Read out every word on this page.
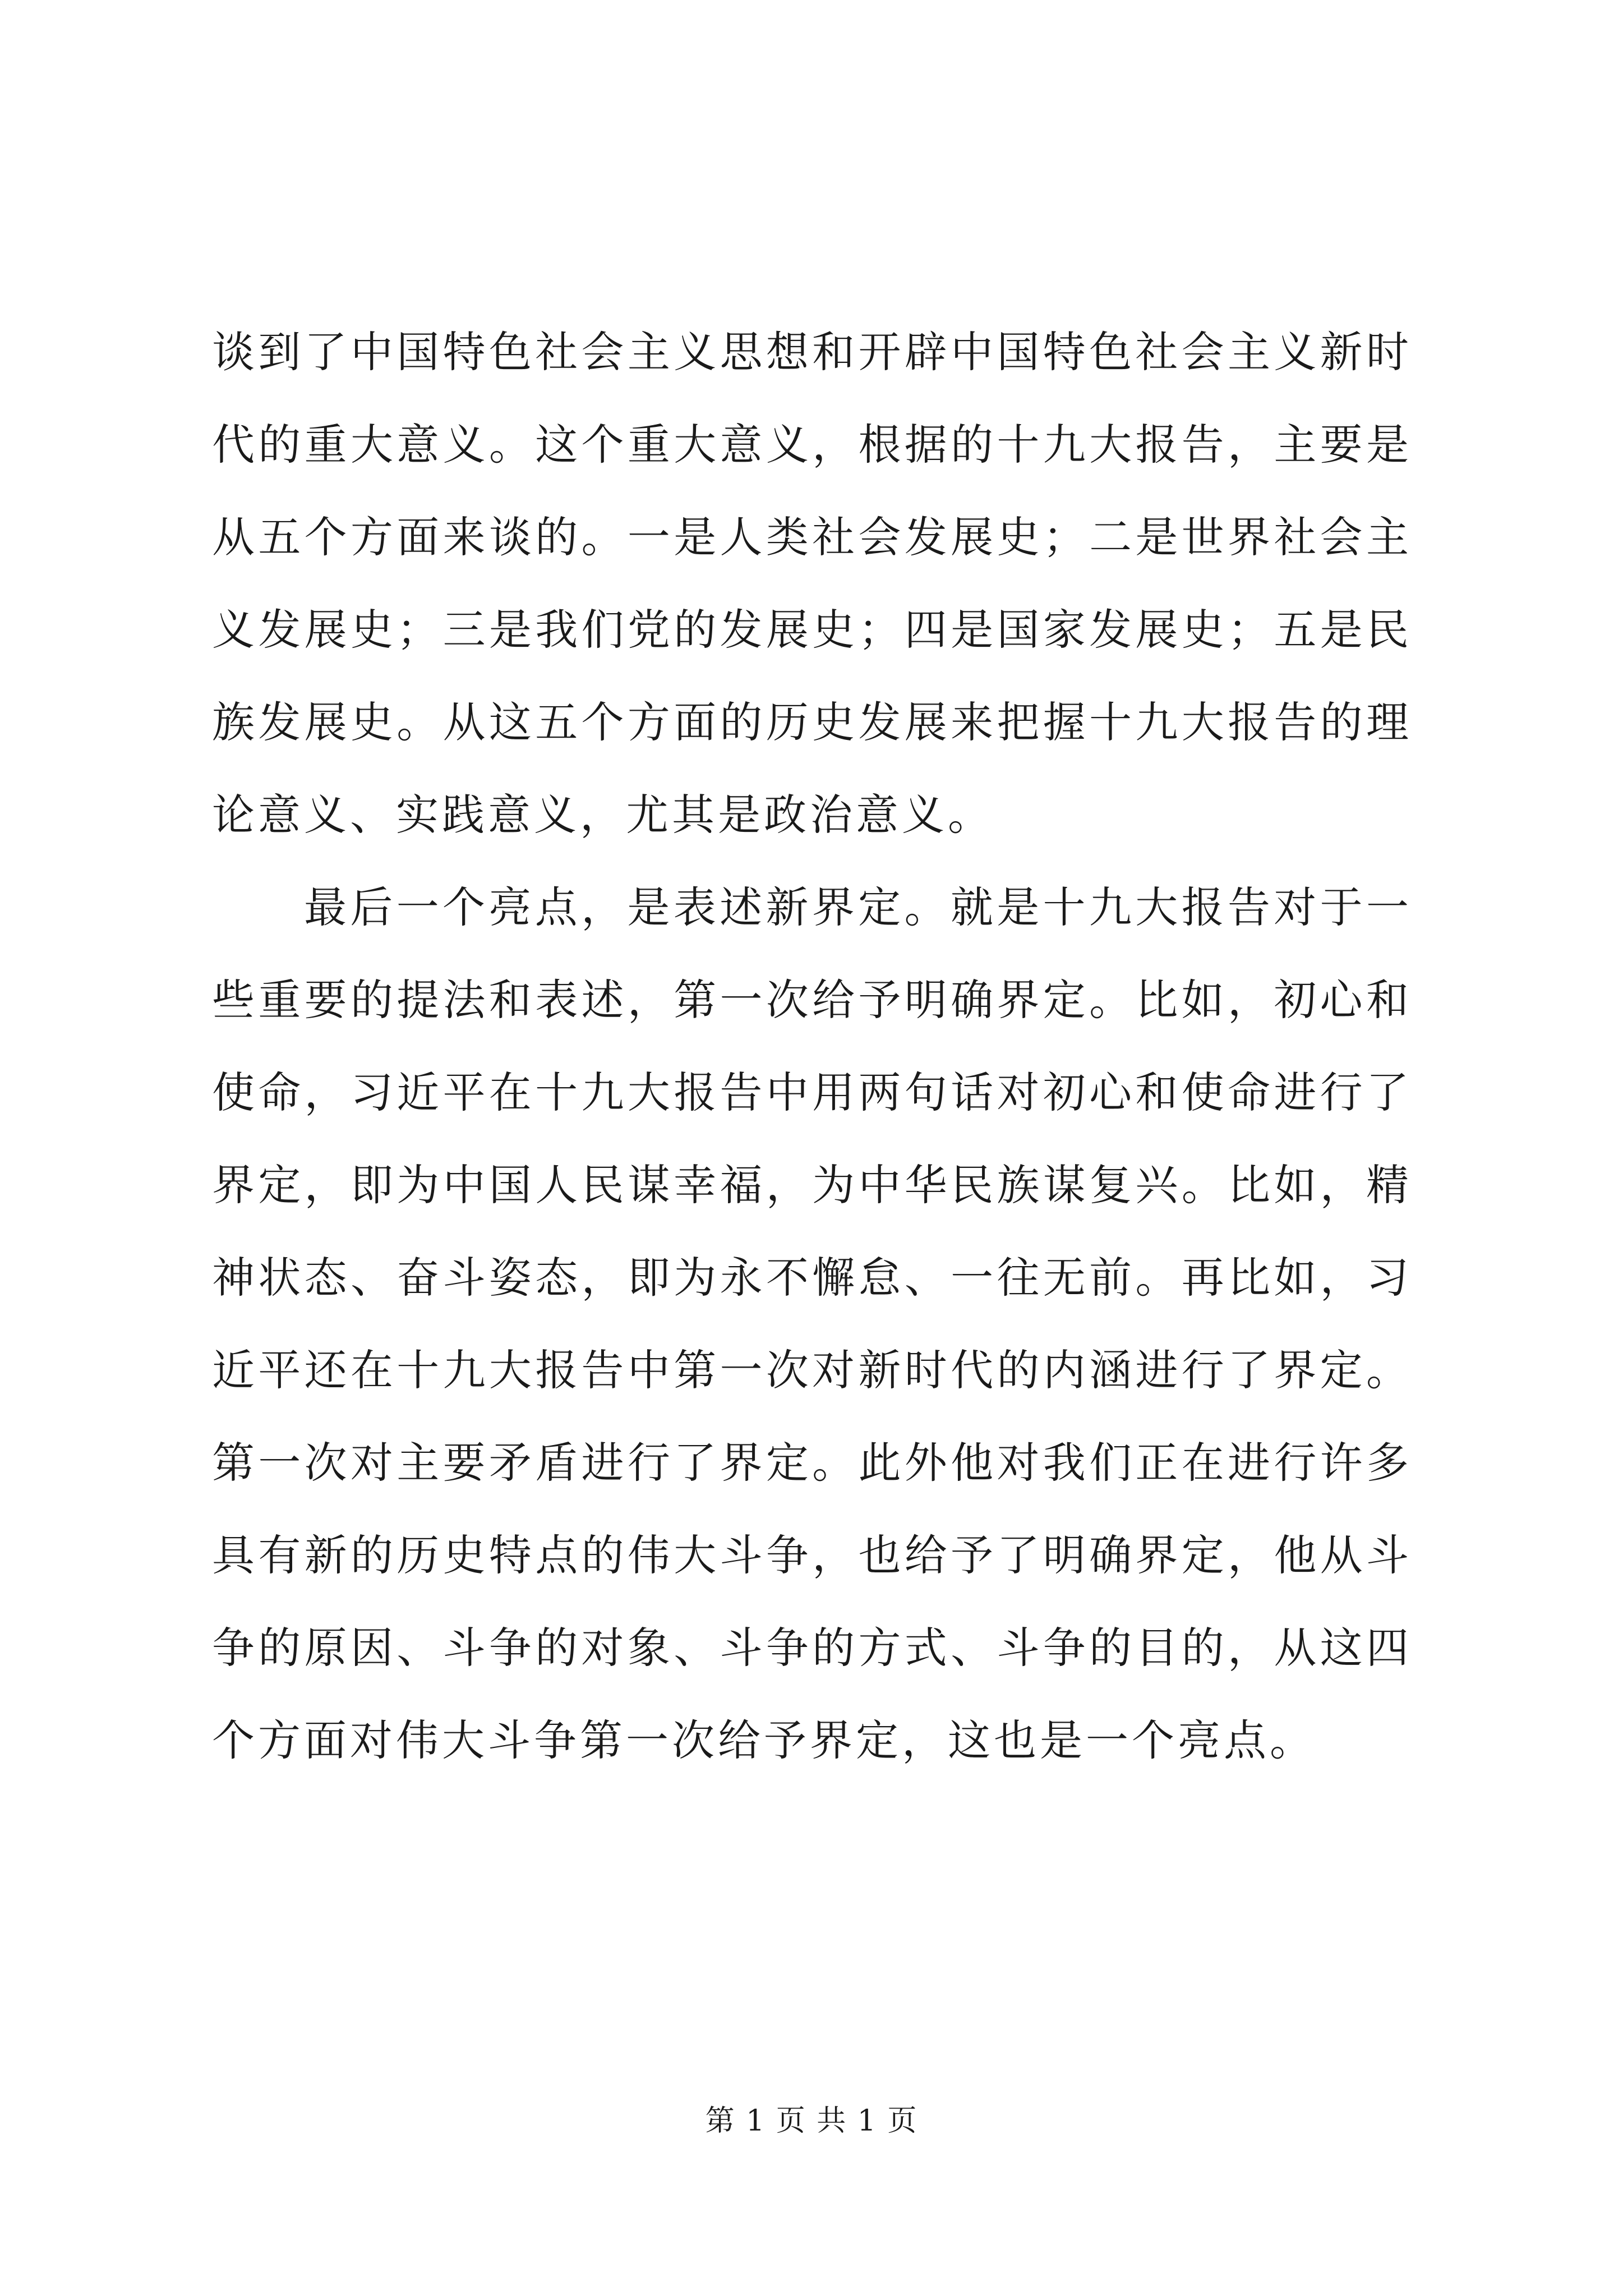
谈到了中国特色社会主义思想和开辟中国特色社会主义新时代的重大意义。这个重大意义，根据的十九大报告，主要是从五个方面来谈的。一是人类社会发展史；二是世界社会主义发展史；三是我们党的发展史；四是国家发展史；五是民族发展史。从这五个方面的历史发展来把握十九大报告的理论意义、实践意义，尤其是政治意义。

最后一个亮点，是表述新界定。就是十九大报告对于一些重要的提法和表述，第一次给予明确界定。比如，初心和使命，习近平在十九大报告中用两句话对初心和使命进行了界定，即为中国人民谋幸福，为中华民族谋复兴。比如，精神状态、奋斗姿态，即为永不懈怠、一往无前。再比如，习近平还在十九大报告中第一次对新时代的内涵进行了界定。第一次对主要矛盾进行了界定。此外他对我们正在进行许多具有新的历史特点的伟大斗争，也给予了明确界定，他从斗争的原因、斗争的对象、斗争的方式、斗争的目的，从这四个方面对伟大斗争第一次给予界定，这也是一个亮点。

第 1 页 共 1 页
